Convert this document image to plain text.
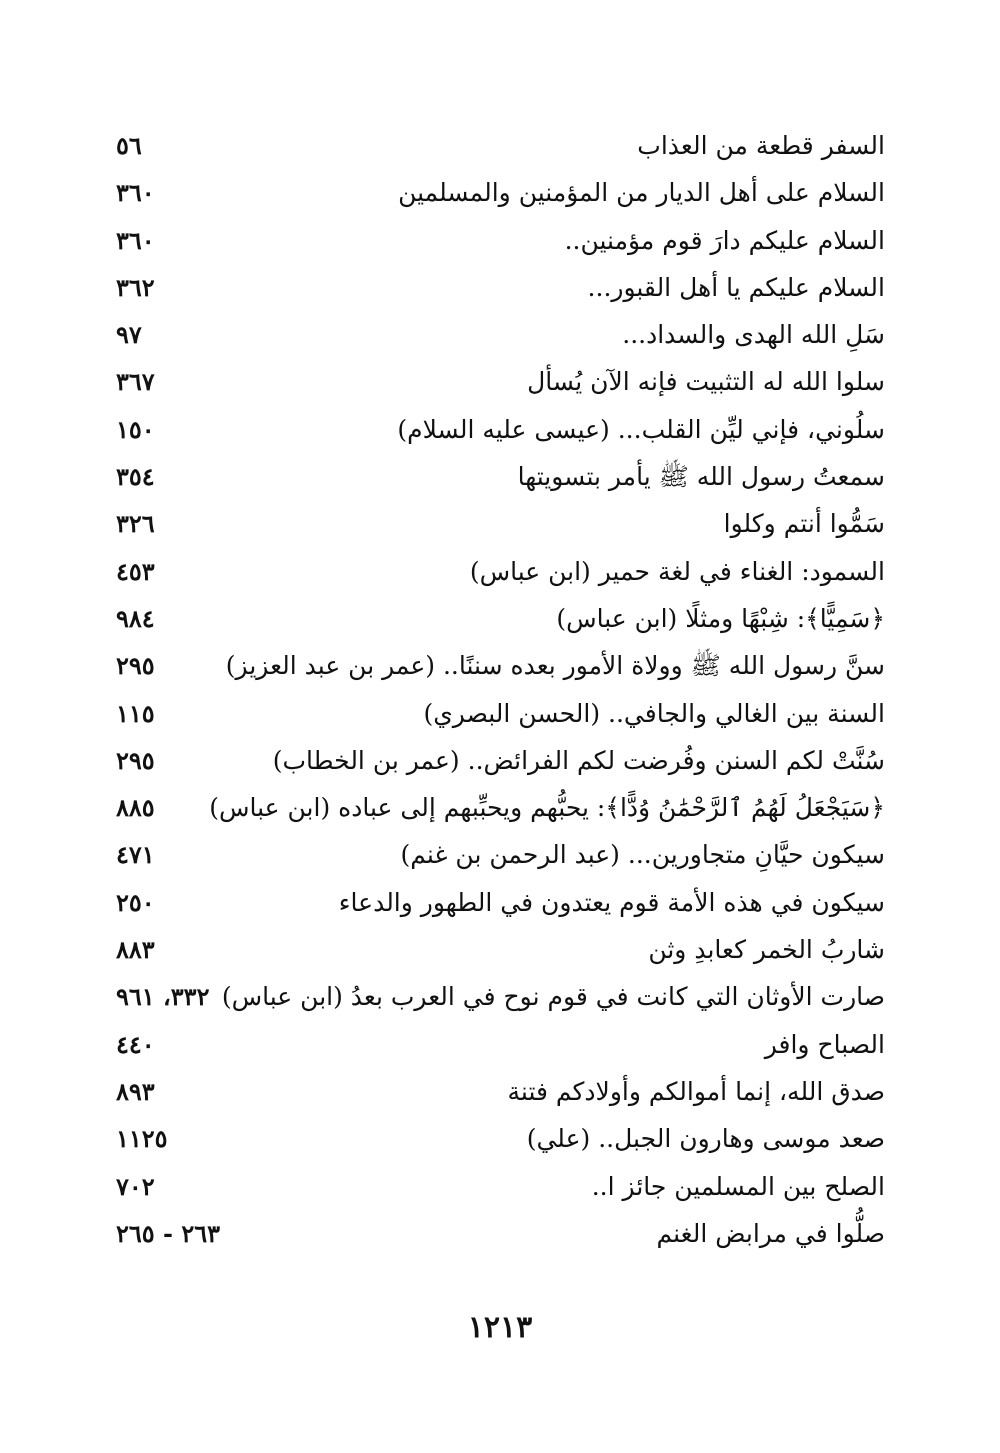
السفر قطعة من العذاب
٥٦
السلام على أهل الديار من المؤمنين والمسلمين
٣٦٠
السلام عليكم دارَ قوم مؤمنين..
٣٦٠
السلام عليكم يا أهل القبور...
٣٦٢
سَلِ الله الهدى والسداد...
٩٧
سلوا الله له التثبيت فإنه الآن يُسأل
٣٦٧
سلُوني، فإني ليِّن القلب... (عيسى عليه السلام)
١٥٠
سمعتُ رسول الله ﷺ يأمر بتسويتها
٣٥٤
سَمُّوا أنتم وكلوا
٣٢٦
السمود: الغناء في لغة حمير (ابن عباس)
٤٥٣
﴿سَمِيًّا﴾: شِبْهًا ومثلًا (ابن عباس)
٩٨٤
سنَّ رسول الله ﷺ وولاة الأمور بعده سننًا.. (عمر بن عبد العزيز)
٢٩٥
السنة بين الغالي والجافي.. (الحسن البصري)
١١٥
سُنَّتْ لكم السنن وفُرضت لكم الفرائض.. (عمر بن الخطاب)
٢٩٥
﴿سَيَجْعَلُ لَهُمُ ٱلرَّحْمَٰنُ وُدًّا﴾: يحبُّهم ويحبِّبهم إلى عباده (ابن عباس)
٨٨٥
سيكون حيَّانِ متجاورين... (عبد الرحمن بن غنم)
٤٧١
سيكون في هذه الأمة قوم يعتدون في الطهور والدعاء
٢٥٠
شاربُ الخمر كعابدِ وثن
٨٨٣
صارت الأوثان التي كانت في قوم نوح في العرب بعدُ (ابن عباس)
٣٣٢، ٩٦١
الصباح وافر
٤٤٠
صدق الله، إنما أموالكم وأولادكم فتنة
٨٩٣
صعد موسى وهارون الجبل.. (علي)
١١٢٥
الصلح بين المسلمين جائز ا..
٧٠٢
صلُّوا في مرابض الغنم
٢٦٣ - ٢٦٥
١٢١٣
